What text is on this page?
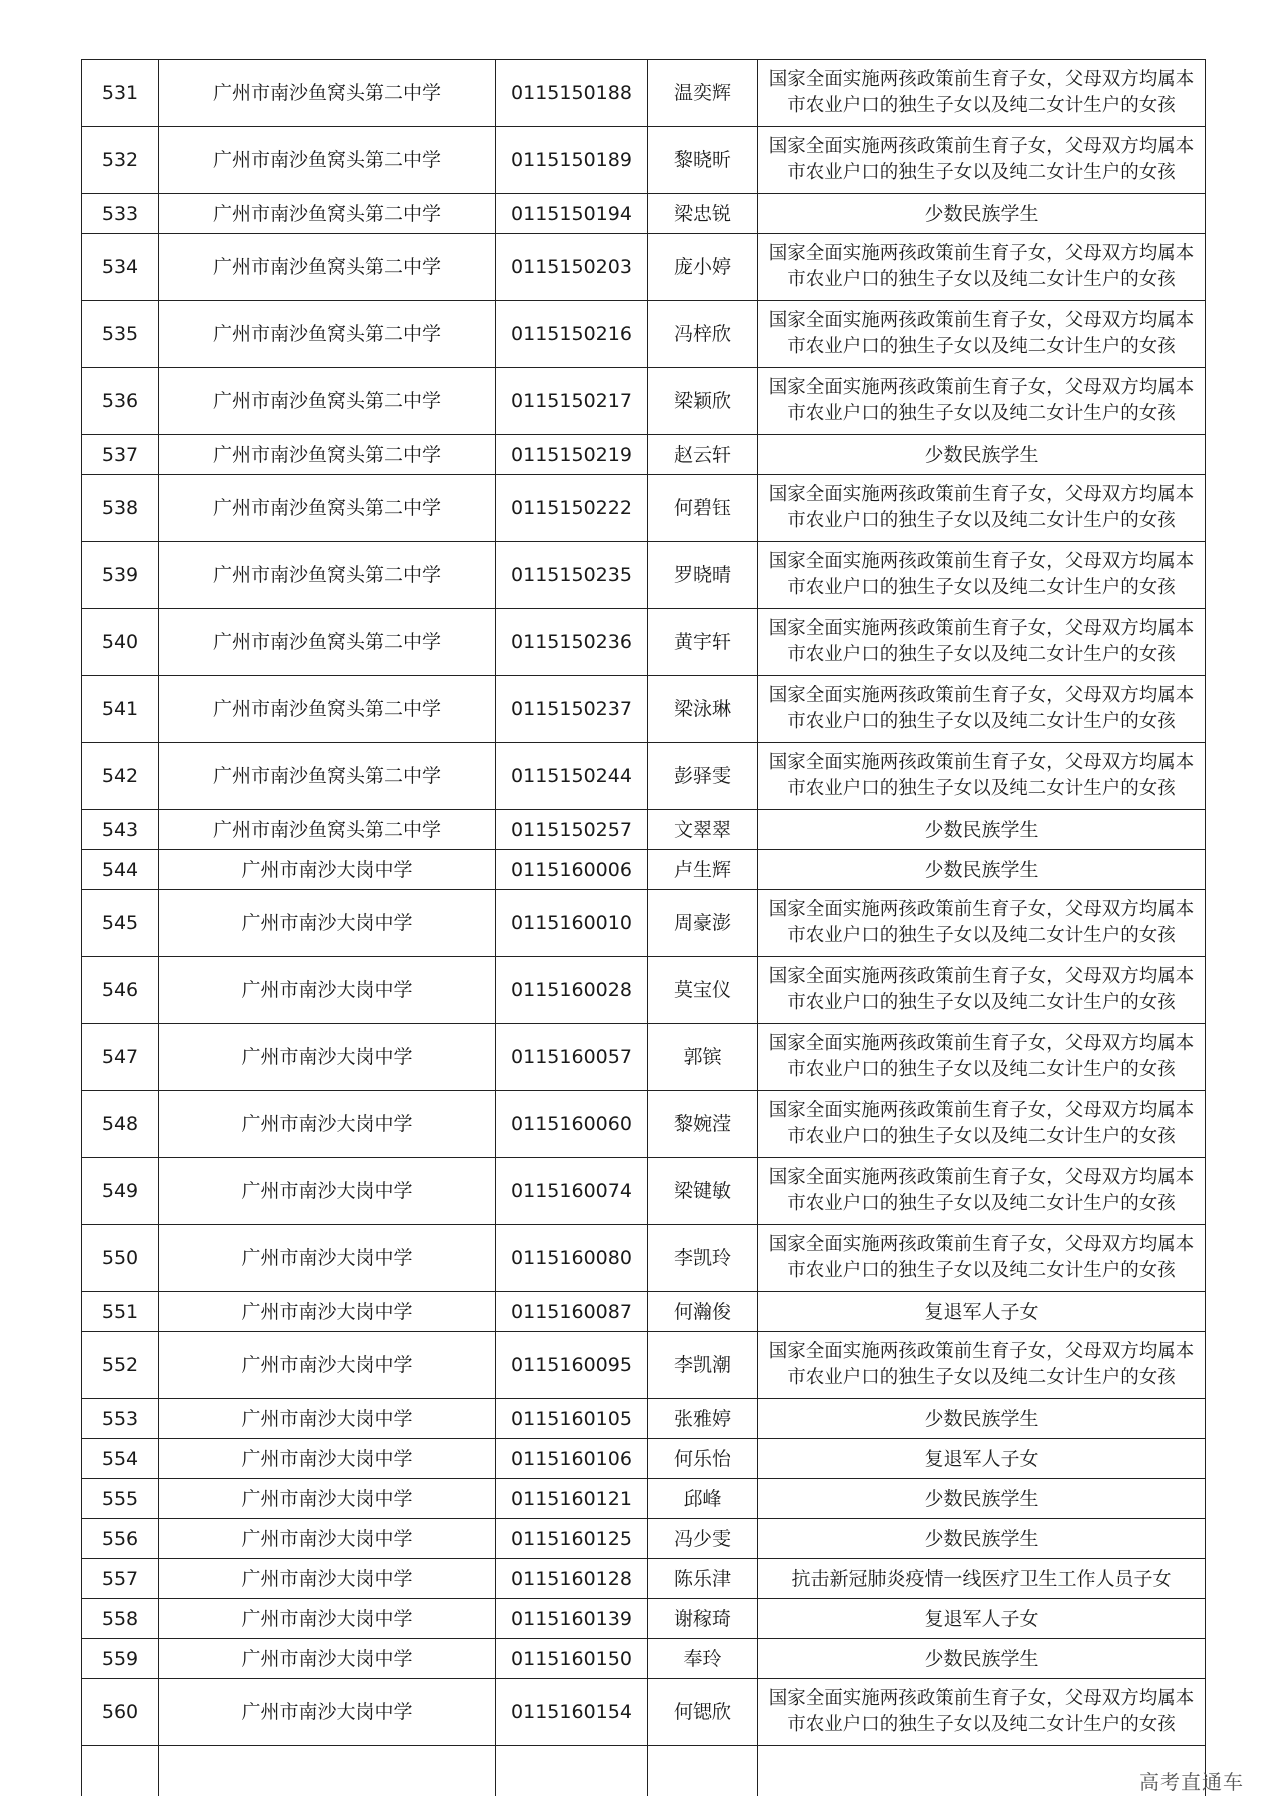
531	广州市南沙鱼窝头第二中学	0115150188	温奕辉	国家全面实施两孩政策前生育子女，父母双方均属本市农业户口的独生子女以及纯二女计生户的女孩
532	广州市南沙鱼窝头第二中学	0115150189	黎晓昕	国家全面实施两孩政策前生育子女，父母双方均属本市农业户口的独生子女以及纯二女计生户的女孩
533	广州市南沙鱼窝头第二中学	0115150194	梁忠锐	少数民族学生
534	广州市南沙鱼窝头第二中学	0115150203	庞小婷	国家全面实施两孩政策前生育子女，父母双方均属本市农业户口的独生子女以及纯二女计生户的女孩
535	广州市南沙鱼窝头第二中学	0115150216	冯梓欣	国家全面实施两孩政策前生育子女，父母双方均属本市农业户口的独生子女以及纯二女计生户的女孩
536	广州市南沙鱼窝头第二中学	0115150217	梁颖欣	国家全面实施两孩政策前生育子女，父母双方均属本市农业户口的独生子女以及纯二女计生户的女孩
537	广州市南沙鱼窝头第二中学	0115150219	赵云轩	少数民族学生
538	广州市南沙鱼窝头第二中学	0115150222	何碧钰	国家全面实施两孩政策前生育子女，父母双方均属本市农业户口的独生子女以及纯二女计生户的女孩
539	广州市南沙鱼窝头第二中学	0115150235	罗晓晴	国家全面实施两孩政策前生育子女，父母双方均属本市农业户口的独生子女以及纯二女计生户的女孩
540	广州市南沙鱼窝头第二中学	0115150236	黄宇轩	国家全面实施两孩政策前生育子女，父母双方均属本市农业户口的独生子女以及纯二女计生户的女孩
541	广州市南沙鱼窝头第二中学	0115150237	梁泳琳	国家全面实施两孩政策前生育子女，父母双方均属本市农业户口的独生子女以及纯二女计生户的女孩
542	广州市南沙鱼窝头第二中学	0115150244	彭驿雯	国家全面实施两孩政策前生育子女，父母双方均属本市农业户口的独生子女以及纯二女计生户的女孩
543	广州市南沙鱼窝头第二中学	0115150257	文翠翠	少数民族学生
544	广州市南沙大岗中学	0115160006	卢生辉	少数民族学生
545	广州市南沙大岗中学	0115160010	周豪澎	国家全面实施两孩政策前生育子女，父母双方均属本市农业户口的独生子女以及纯二女计生户的女孩
546	广州市南沙大岗中学	0115160028	莫宝仪	国家全面实施两孩政策前生育子女，父母双方均属本市农业户口的独生子女以及纯二女计生户的女孩
547	广州市南沙大岗中学	0115160057	郭镔	国家全面实施两孩政策前生育子女，父母双方均属本市农业户口的独生子女以及纯二女计生户的女孩
548	广州市南沙大岗中学	0115160060	黎婉滢	国家全面实施两孩政策前生育子女，父母双方均属本市农业户口的独生子女以及纯二女计生户的女孩
549	广州市南沙大岗中学	0115160074	梁键敏	国家全面实施两孩政策前生育子女，父母双方均属本市农业户口的独生子女以及纯二女计生户的女孩
550	广州市南沙大岗中学	0115160080	李凯玲	国家全面实施两孩政策前生育子女，父母双方均属本市农业户口的独生子女以及纯二女计生户的女孩
551	广州市南沙大岗中学	0115160087	何瀚俊	复退军人子女
552	广州市南沙大岗中学	0115160095	李凯潮	国家全面实施两孩政策前生育子女，父母双方均属本市农业户口的独生子女以及纯二女计生户的女孩
553	广州市南沙大岗中学	0115160105	张雅婷	少数民族学生
554	广州市南沙大岗中学	0115160106	何乐怡	复退军人子女
555	广州市南沙大岗中学	0115160121	邱峰	少数民族学生
556	广州市南沙大岗中学	0115160125	冯少雯	少数民族学生
557	广州市南沙大岗中学	0115160128	陈乐津	抗击新冠肺炎疫情一线医疗卫生工作人员子女
558	广州市南沙大岗中学	0115160139	谢稼琦	复退军人子女
559	广州市南沙大岗中学	0115160150	奉玲	少数民族学生
560	广州市南沙大岗中学	0115160154	何锶欣	国家全面实施两孩政策前生育子女，父母双方均属本市农业户口的独生子女以及纯二女计生户的女孩

高考直通车
